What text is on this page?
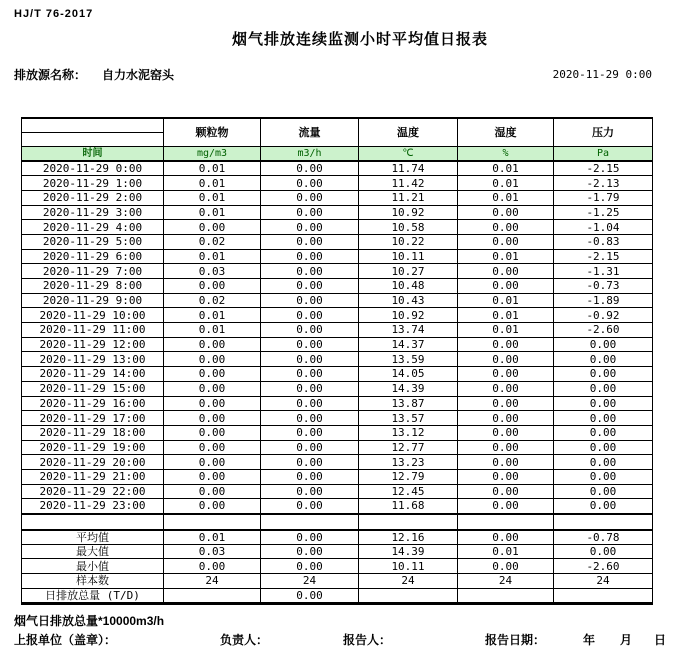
HJ/T 76-2017
烟气排放连续监测小时平均值日报表
排放源名称： 自力水泥窑头	2020-11-29 0:00
	颗粒物	流量	温度	湿度	压力

时间	mg/m3	m3/h	℃	%	Pa
2020-11-29 0:00	0.01	0.00	11.74	0.01	-2.15
2020-11-29 1:00	0.01	0.00	11.42	0.01	-2.13
2020-11-29 2:00	0.01	0.00	11.21	0.01	-1.79
2020-11-29 3:00	0.01	0.00	10.92	0.00	-1.25
2020-11-29 4:00	0.00	0.00	10.58	0.00	-1.04
2020-11-29 5:00	0.02	0.00	10.22	0.00	-0.83
2020-11-29 6:00	0.01	0.00	10.11	0.01	-2.15
2020-11-29 7:00	0.03	0.00	10.27	0.00	-1.31
2020-11-29 8:00	0.00	0.00	10.48	0.00	-0.73
2020-11-29 9:00	0.02	0.00	10.43	0.01	-1.89
2020-11-29 10:00	0.01	0.00	10.92	0.01	-0.92
2020-11-29 11:00	0.01	0.00	13.74	0.01	-2.60
2020-11-29 12:00	0.00	0.00	14.37	0.00	0.00
2020-11-29 13:00	0.00	0.00	13.59	0.00	0.00
2020-11-29 14:00	0.00	0.00	14.05	0.00	0.00
2020-11-29 15:00	0.00	0.00	14.39	0.00	0.00
2020-11-29 16:00	0.00	0.00	13.87	0.00	0.00
2020-11-29 17:00	0.00	0.00	13.57	0.00	0.00
2020-11-29 18:00	0.00	0.00	13.12	0.00	0.00
2020-11-29 19:00	0.00	0.00	12.77	0.00	0.00
2020-11-29 20:00	0.00	0.00	13.23	0.00	0.00
2020-11-29 21:00	0.00	0.00	12.79	0.00	0.00
2020-11-29 22:00	0.00	0.00	12.45	0.00	0.00
2020-11-29 23:00	0.00	0.00	11.68	0.00	0.00

平均值	0.01	0.00	12.16	0.00	-0.78
最大值	0.03	0.00	14.39	0.01	0.00
最小值	0.00	0.00	10.11	0.00	-2.60
样本数	24	24	24	24	24
日排放总量 (T/D)		0.00			
烟气日排放总量*10000m3/h
上报单位（盖章）：	负责人：	报告人：	报告日期：	年 月 日
